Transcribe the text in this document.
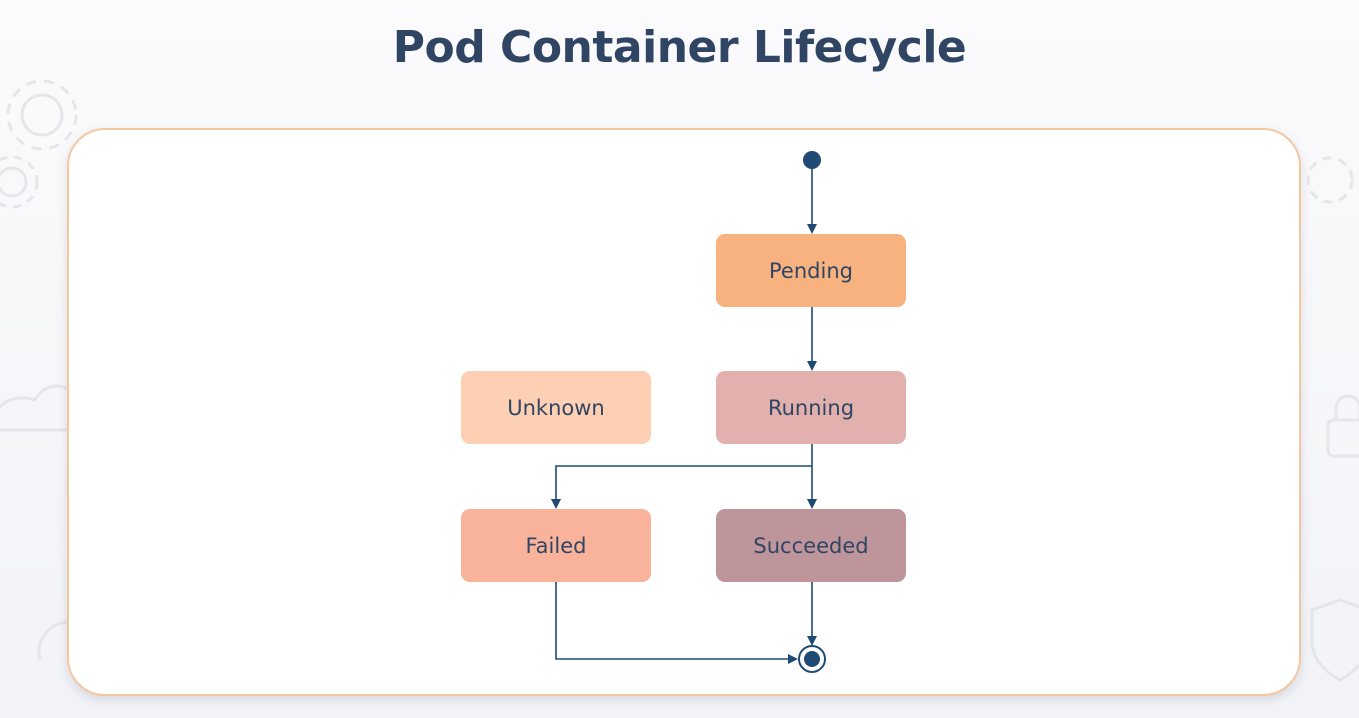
Pod Container Lifecycle
Pending
Running
Unknown
Failed	Succeeded
